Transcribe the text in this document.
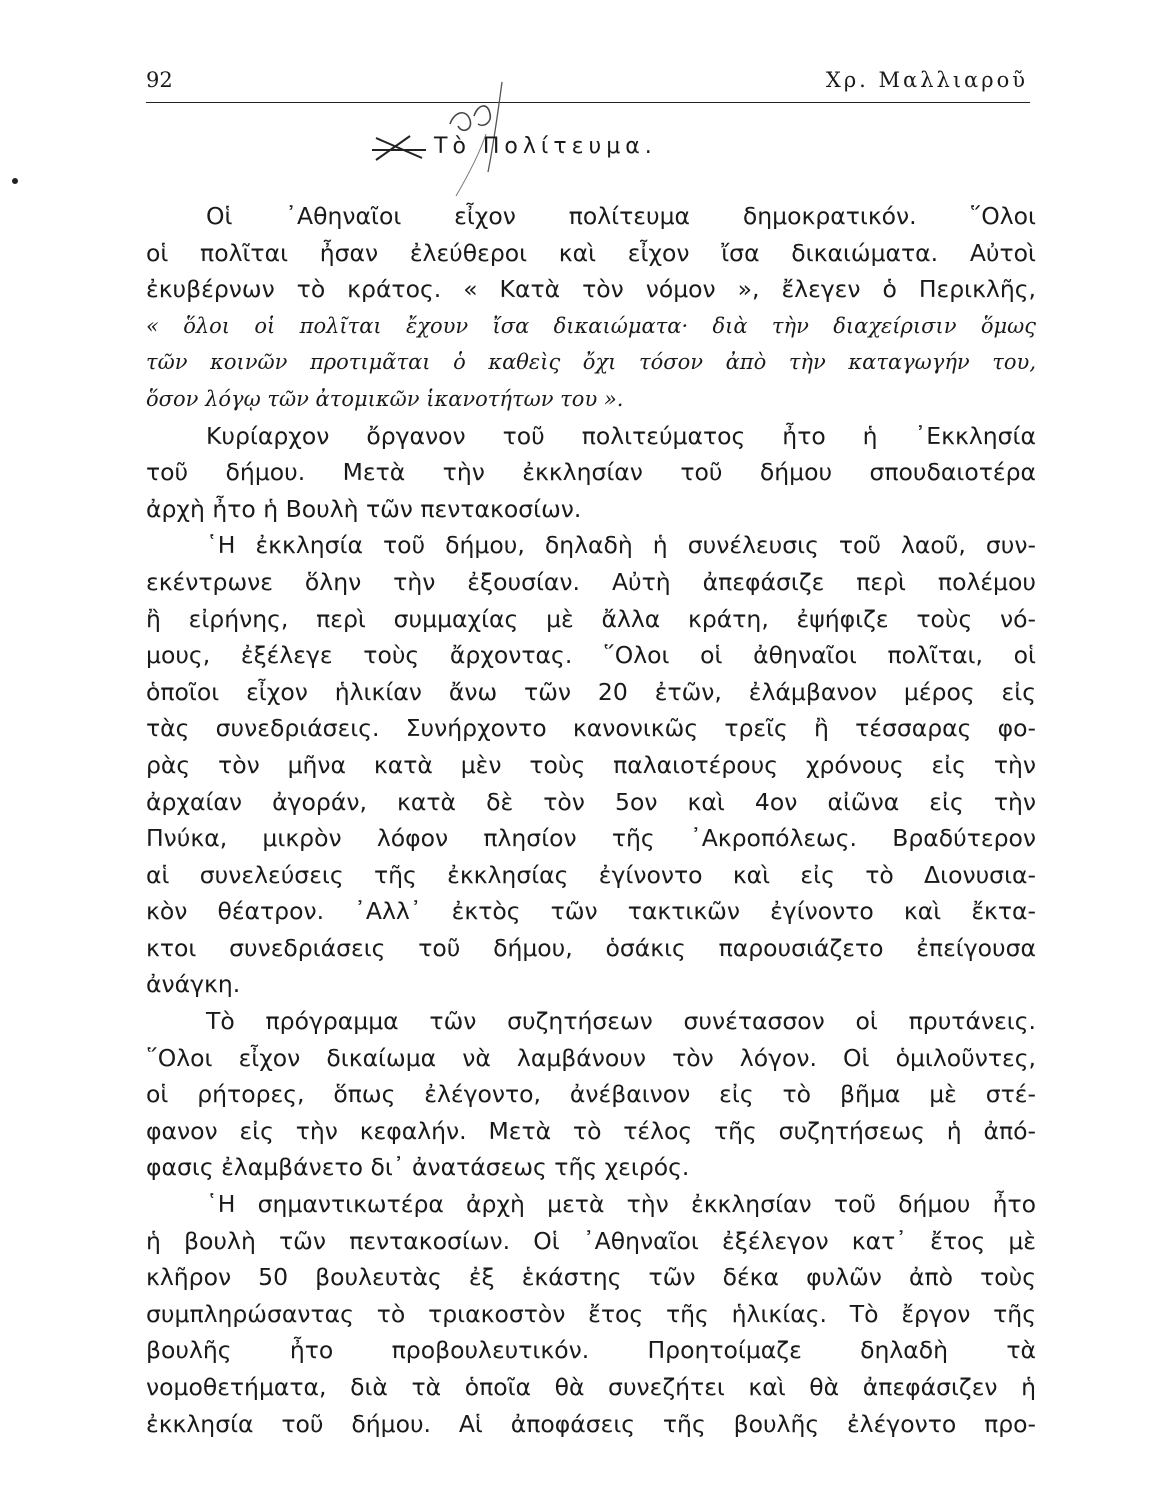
92	Χρ. Μαλλιαροῦ
Τὸ Πολίτευμα.
Οἱ ᾿Αθηναῖοι εἶχον πολίτευμα δημοκρατικόν. ῞Ολοι
οἱ πολῖται ἦσαν ἐλεύθεροι καὶ εἶχον ἴσα δικαιώματα. Αὐτοὶ
ἐκυβέρνων τὸ κράτος. « Κατὰ τὸν νόμον », ἔλεγεν ὁ Περικλῆς,
« ὅλοι οἱ πολῖται ἔχουν ἴσα δικαιώματα· διὰ τὴν διαχείρισιν ὅμως
τῶν κοινῶν προτιμᾶται ὁ καθεὶς ὄχι τόσον ἀπὸ τὴν καταγωγήν του,
ὅσον λόγῳ τῶν ἀτομικῶν ἱκανοτήτων του ».
Κυρίαρχον ὄργανον τοῦ πολιτεύματος ἦτο ἡ ᾿Εκκλησία
τοῦ δήμου. Μετὰ τὴν ἐκκλησίαν τοῦ δήμου σπουδαιοτέρα
ἀρχὴ ἦτο ἡ Βουλὴ τῶν πεντακοσίων.
῾Η ἐκκλησία τοῦ δήμου, δηλαδὴ ἡ συνέλευσις τοῦ λαοῦ, συν-
εκέντρωνε ὅλην τὴν ἐξουσίαν. Αὐτὴ ἀπεφάσιζε περὶ πολέμου
ἢ εἰρήνης, περὶ συμμαχίας μὲ ἄλλα κράτη, ἐψήφιζε τοὺς νό-
μους, ἐξέλεγε τοὺς ἄρχοντας. ῞Ολοι οἱ ἀθηναῖοι πολῖται, οἱ
ὁποῖοι εἶχον ἡλικίαν ἄνω τῶν 20 ἐτῶν, ἐλάμβανον μέρος εἰς
τὰς συνεδριάσεις. Συνήρχοντο κανονικῶς τρεῖς ἢ τέσσαρας φο-
ρὰς τὸν μῆνα κατὰ μὲν τοὺς παλαιοτέρους χρόνους εἰς τὴν
ἀρχαίαν ἀγοράν, κατὰ δὲ τὸν 5ον καὶ 4ον αἰῶνα εἰς τὴν
Πνύκα, μικρὸν λόφον πλησίον τῆς ᾿Ακροπόλεως. Βραδύτερον
αἱ συνελεύσεις τῆς ἐκκλησίας ἐγίνοντο καὶ εἰς τὸ Διονυσια-
κὸν θέατρον. ᾿Αλλ᾿ ἐκτὸς τῶν τακτικῶν ἐγίνοντο καὶ ἔκτα-
κτοι συνεδριάσεις τοῦ δήμου, ὁσάκις παρουσιάζετο ἐπείγουσα
ἀνάγκη.
Τὸ πρόγραμμα τῶν συζητήσεων συνέτασσον οἱ πρυτάνεις.
῞Ολοι εἶχον δικαίωμα νὰ λαμβάνουν τὸν λόγον. Οἱ ὁμιλοῦντες,
οἱ ρήτορες, ὅπως ἐλέγοντο, ἀνέβαινον εἰς τὸ βῆμα μὲ στέ-
φανον εἰς τὴν κεφαλήν. Μετὰ τὸ τέλος τῆς συζητήσεως ἡ ἀπό-
φασις ἐλαμβάνετο δι᾿ ἀνατάσεως τῆς χειρός.
῾Η σημαντικωτέρα ἀρχὴ μετὰ τὴν ἐκκλησίαν τοῦ δήμου ἦτο
ἡ βουλὴ τῶν πεντακοσίων. Οἱ ᾿Αθηναῖοι ἐξέλεγον κατ᾿ ἔτος μὲ
κλῆρον 50 βουλευτὰς ἐξ ἑκάστης τῶν δέκα φυλῶν ἀπὸ τοὺς
συμπληρώσαντας τὸ τριακοστὸν ἔτος τῆς ἡλικίας. Τὸ ἔργον τῆς
βουλῆς ἦτο προβουλευτικόν. Προητοίμαζε δηλαδὴ τὰ
νομοθετήματα, διὰ τὰ ὁποῖα θὰ συνεζήτει καὶ θὰ ἀπεφάσιζεν ἡ
ἐκκλησία τοῦ δήμου. Αἱ ἀποφάσεις τῆς βουλῆς ἐλέγοντο προ-
